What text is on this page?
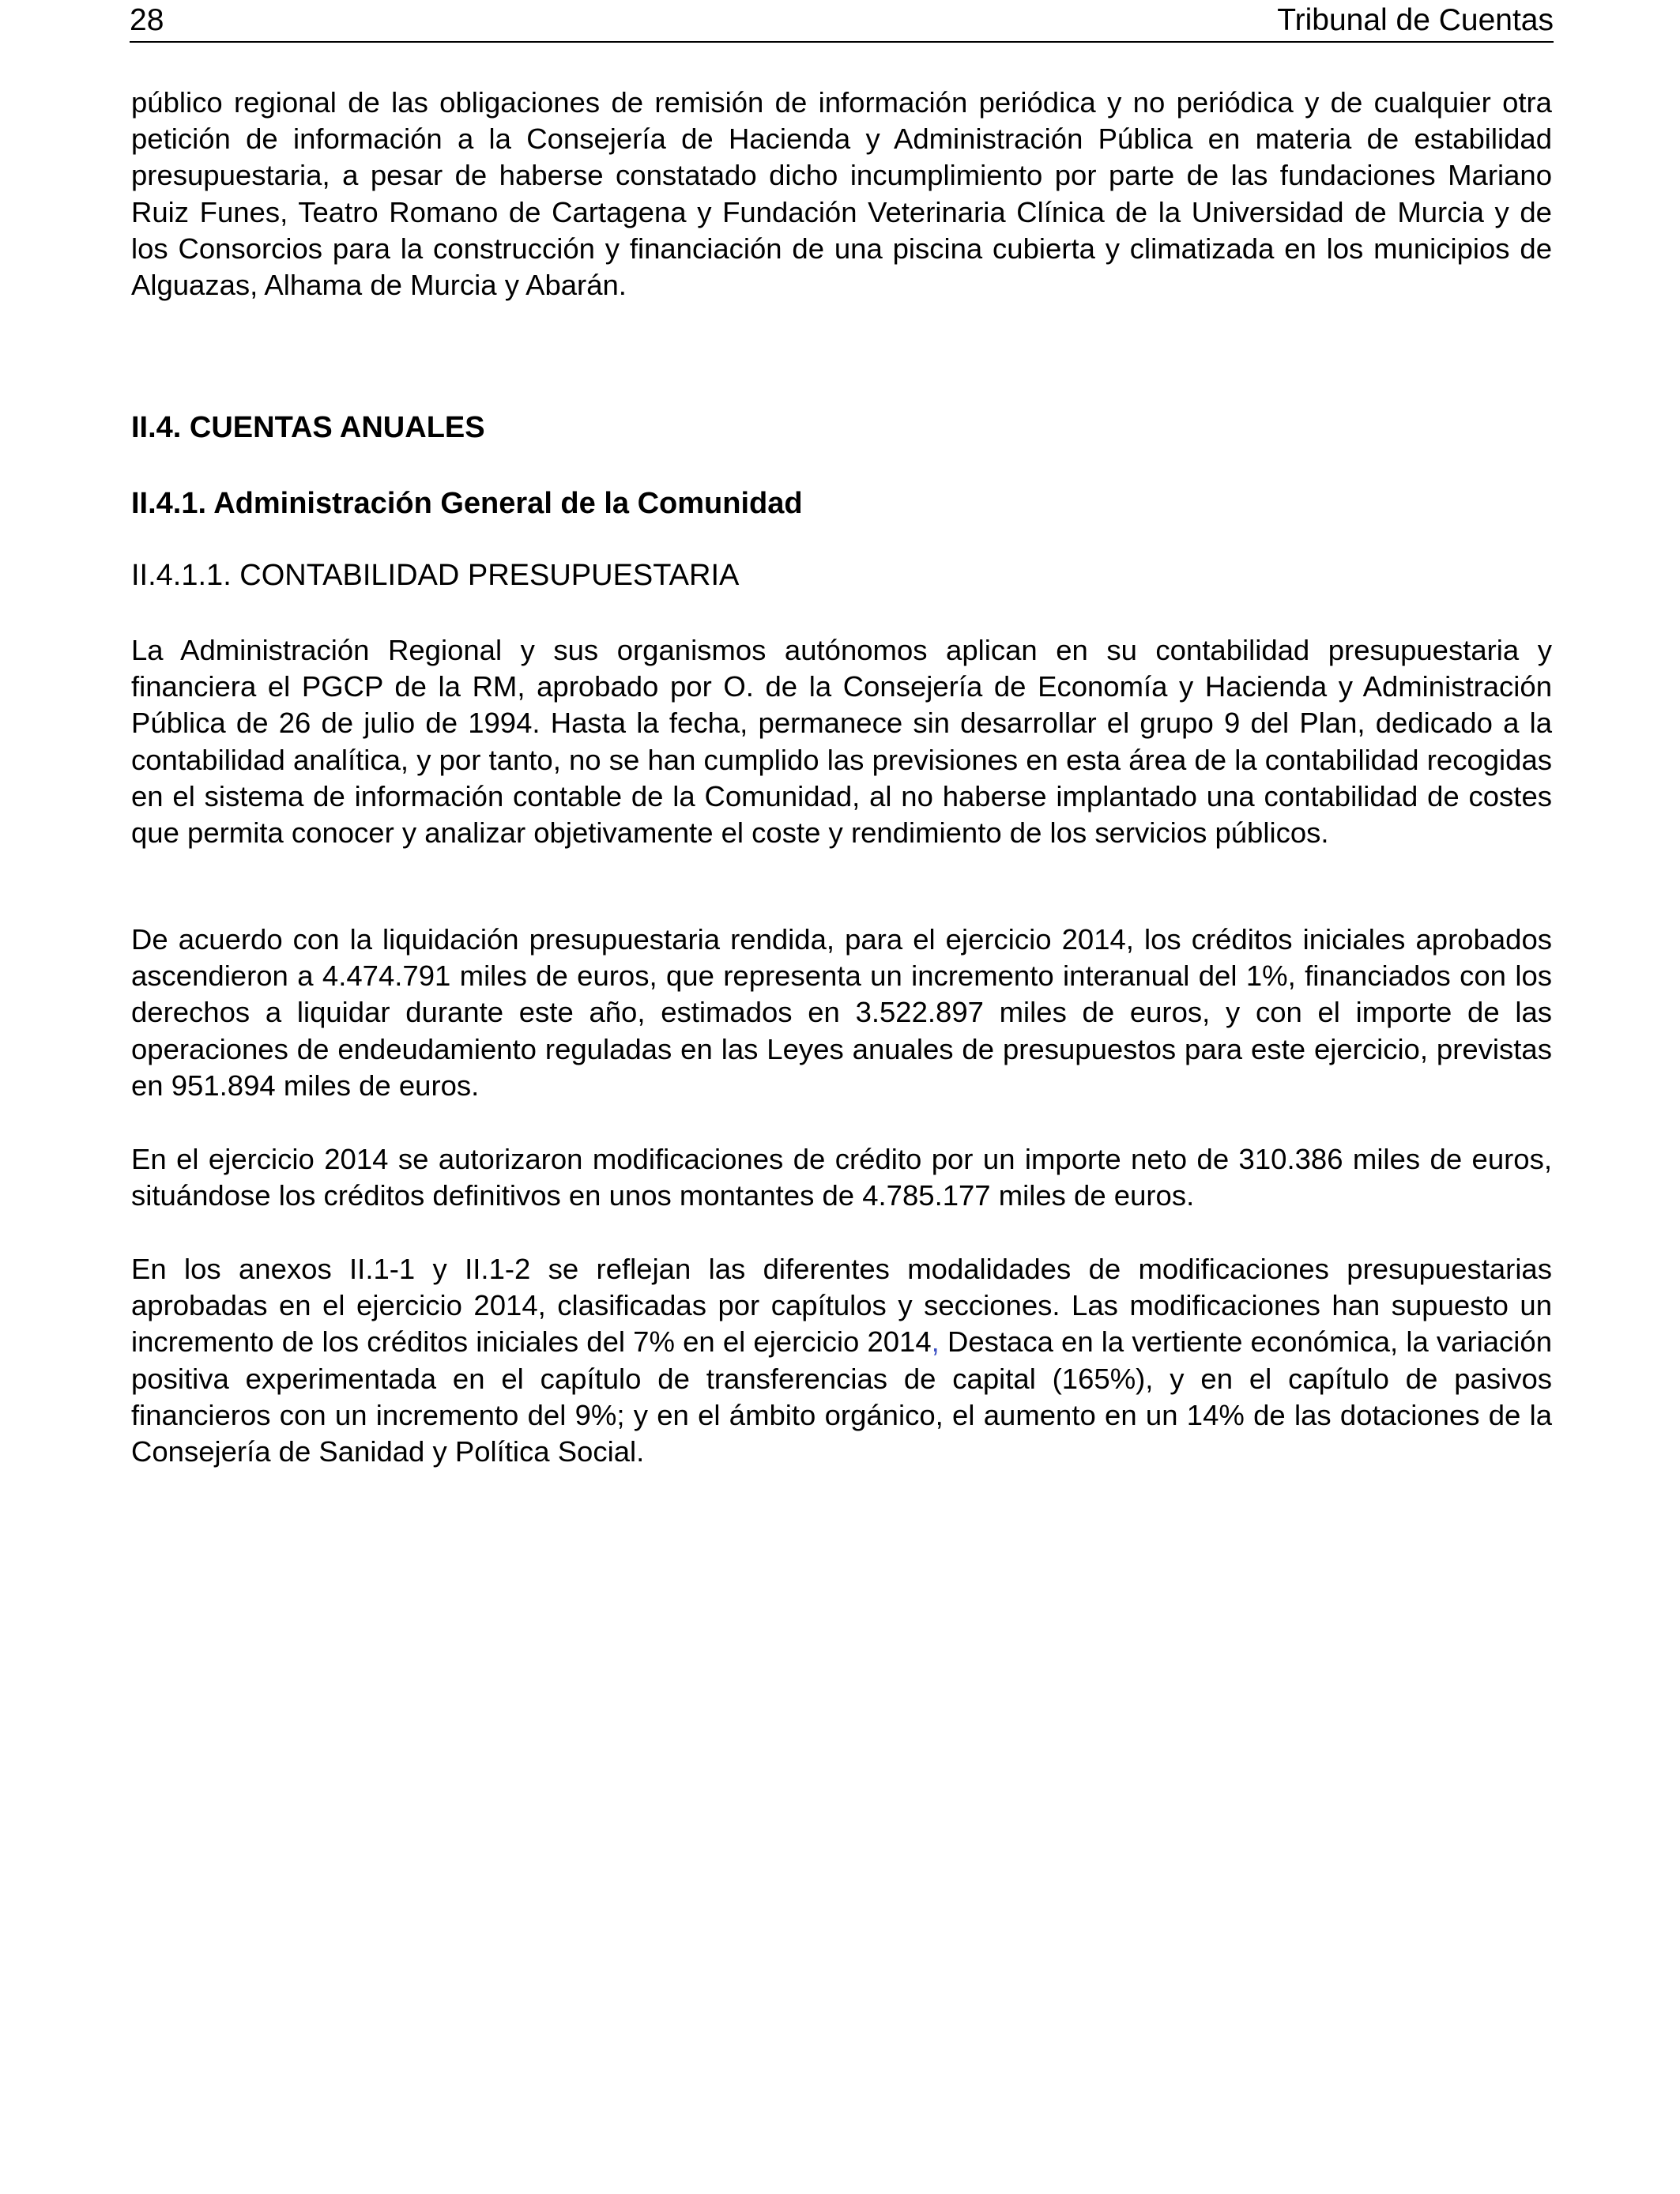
28	Tribunal de Cuentas

público regional de las obligaciones de remisión de información periódica y no periódica y de cualquier otra petición de información a la Consejería de Hacienda y Administración Pública en materia de estabilidad presupuestaria, a pesar de haberse constatado dicho incumplimiento por parte de las fundaciones Mariano Ruiz Funes, Teatro Romano de Cartagena y Fundación Veterinaria Clínica de la Universidad de Murcia y de los Consorcios para la construcción y financiación de una piscina cubierta y climatizada en los municipios de Alguazas, Alhama de Murcia y Abarán.

II.4. CUENTAS ANUALES
II.4.1. Administración General de la Comunidad
II.4.1.1. CONTABILIDAD PRESUPUESTARIA

La Administración Regional y sus organismos autónomos aplican en su contabilidad presupuestaria y financiera el PGCP de la RM, aprobado por O. de la Consejería de Economía y Hacienda y Administración Pública de 26 de julio de 1994. Hasta la fecha, permanece sin desarrollar el grupo 9 del Plan, dedicado a la contabilidad analítica, y por tanto, no se han cumplido las previsiones en esta área de la contabilidad recogidas en el sistema de información contable de la Comunidad, al no haberse implantado una contabilidad de costes que permita conocer y analizar objetivamente el coste y rendimiento de los servicios públicos.

De acuerdo con la liquidación presupuestaria rendida, para el ejercicio 2014, los créditos iniciales aprobados ascendieron a 4.474.791 miles de euros, que representa un incremento interanual del 1%, financiados con los derechos a liquidar durante este año, estimados en 3.522.897 miles de euros, y con el importe de las operaciones de endeudamiento reguladas en las Leyes anuales de presupuestos para este ejercicio, previstas en 951.894 miles de euros.

En el ejercicio 2014 se autorizaron modificaciones de crédito por un importe neto de 310.386 miles de euros, situándose los créditos definitivos en unos montantes de 4.785.177 miles de euros.

En los anexos II.1-1 y II.1-2 se reflejan las diferentes modalidades de modificaciones presupuestarias aprobadas en el ejercicio 2014, clasificadas por capítulos y secciones. Las modificaciones han supuesto un incremento de los créditos iniciales del 7% en el ejercicio 2014, Destaca en la vertiente económica, la variación positiva experimentada en el capítulo de transferencias de capital (165%), y en el capítulo de pasivos financieros con un incremento del 9%; y en el ámbito orgánico, el aumento en un 14% de las dotaciones de la Consejería de Sanidad y Política Social.
